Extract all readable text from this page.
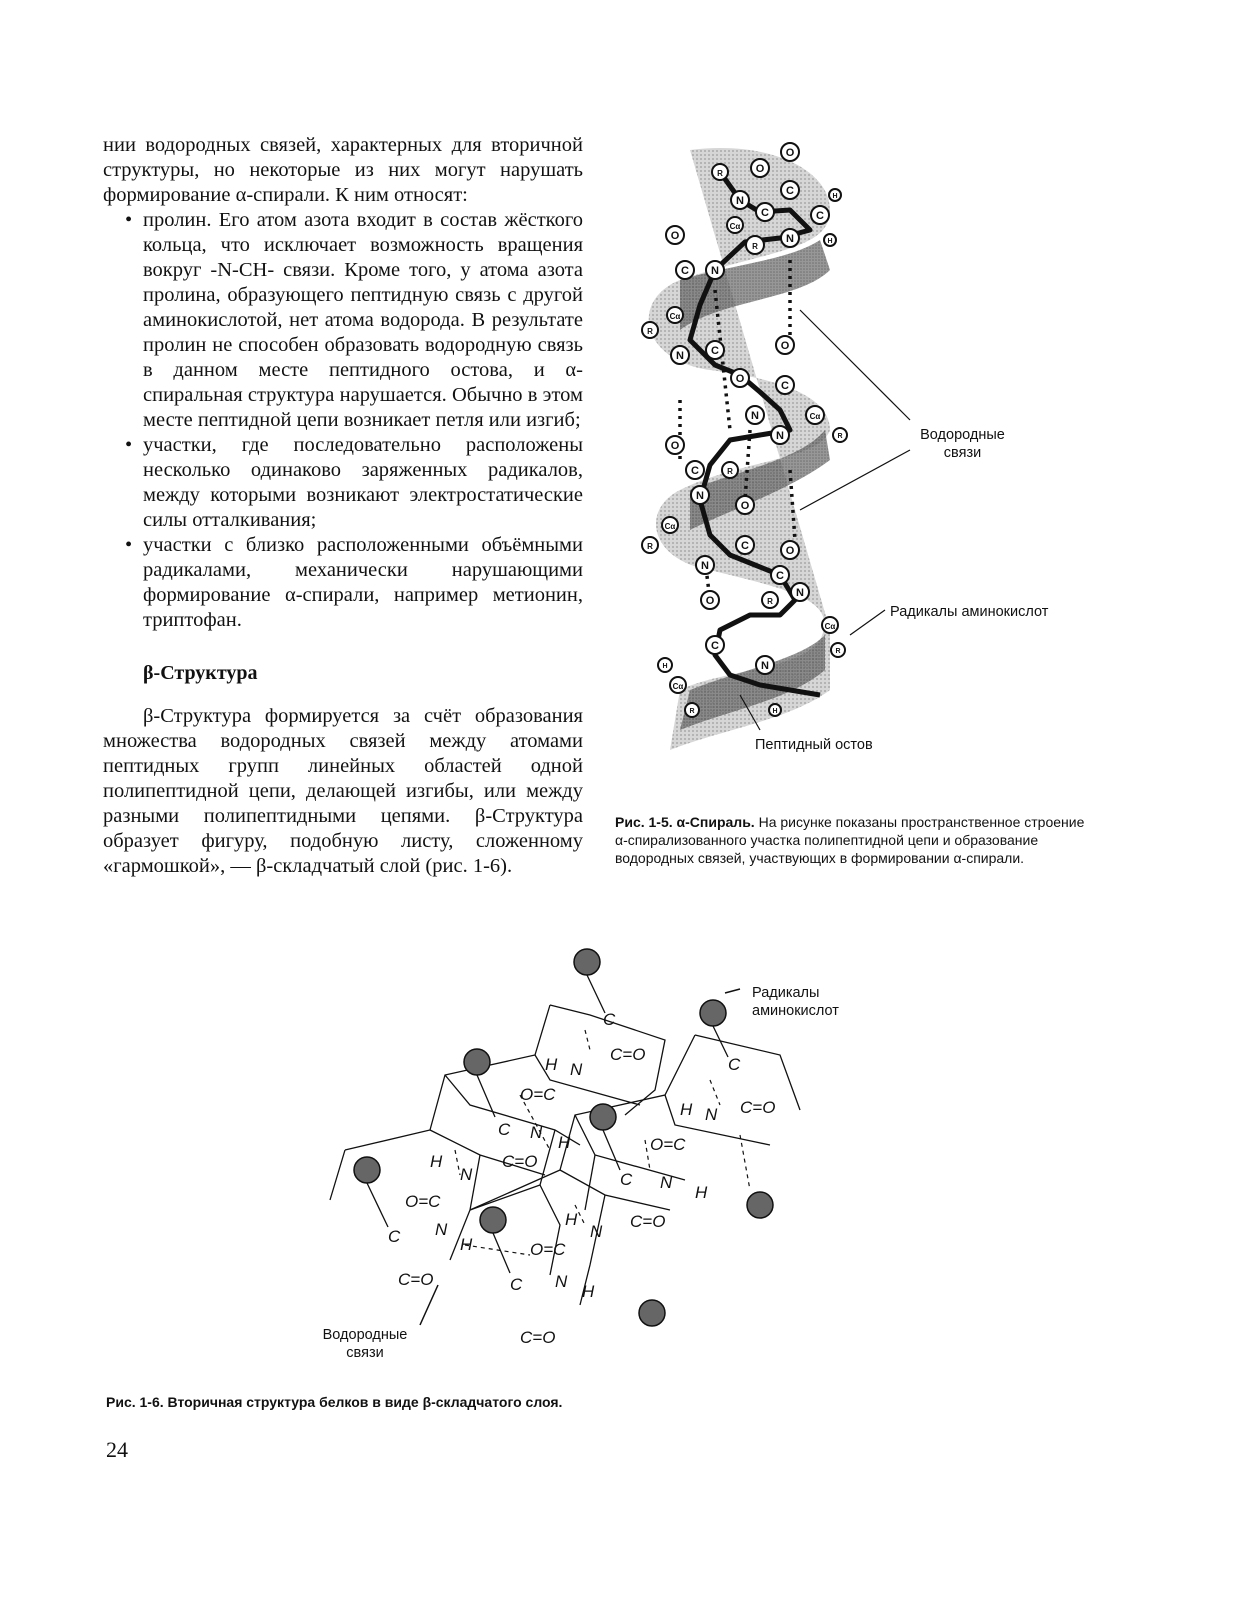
нии водородных связей, характерных для вторичной структуры, но некоторые из них могут нарушать формирование α-спирали. К ним относят:

• пролин. Его атом азота входит в состав жёсткого кольца, что исключает возможность вращения вокруг -N-CH- связи. Кроме того, у атома азота пролина, образующего пептидную связь с другой аминокислотой, нет атома водорода. В результате пролин не способен образовать водородную связь в данном месте пептидного остова, и α-спиральная структура нарушается. Обычно в этом месте пептидной цепи возникает петля или изгиб;
• участки, где последовательно расположены несколько одинаково заряженных радикалов, между которыми возникают электростатические силы отталкивания;
• участки с близко расположенными объёмными радикалами, механически нарушающими формирование α-спирали, например метионин, триптофан.
β-Структура

β-Структура формируется за счёт образования множества водородных связей между атомами пептидных групп линейных областей одной полипептидной цепи, делающей изгибы, или между разными полипептидными цепями. β-Структура образует фигуру, подобную листу, сложенному «гармошкой», — β-складчатый слой (рис. 1-6).

O
O
R
N
C
C
C
H
H
N
R
Cα
O
C N
R
Cα
N C	O
O
C
N
N
Cα
R
O
C
N
R
Cα
R
O
C	O
N
C
R
N
Cα
R
O
C
N
H
Cα
R	H
Водородные связи
Радикалы аминокислот
Пептидный остов
Рис. 1-5. α-Спираль. На рисунке показаны пространственное строение α-спирализованного участка полипептидной цепи и образование водородных связей, участвующих в формировании α-спирали.
C
H N
C=O
O=C
C N
H
C
H N C=O
H
N
C=O
O=C
C N
H
O=C
C N
H
H
N
C=O
O=C
C N
H
C=O
C=O
Радикалы аминокислот
Водородные связи
Рис. 1-6. Вторичная структура белков в виде β-складчатого слоя.
24
